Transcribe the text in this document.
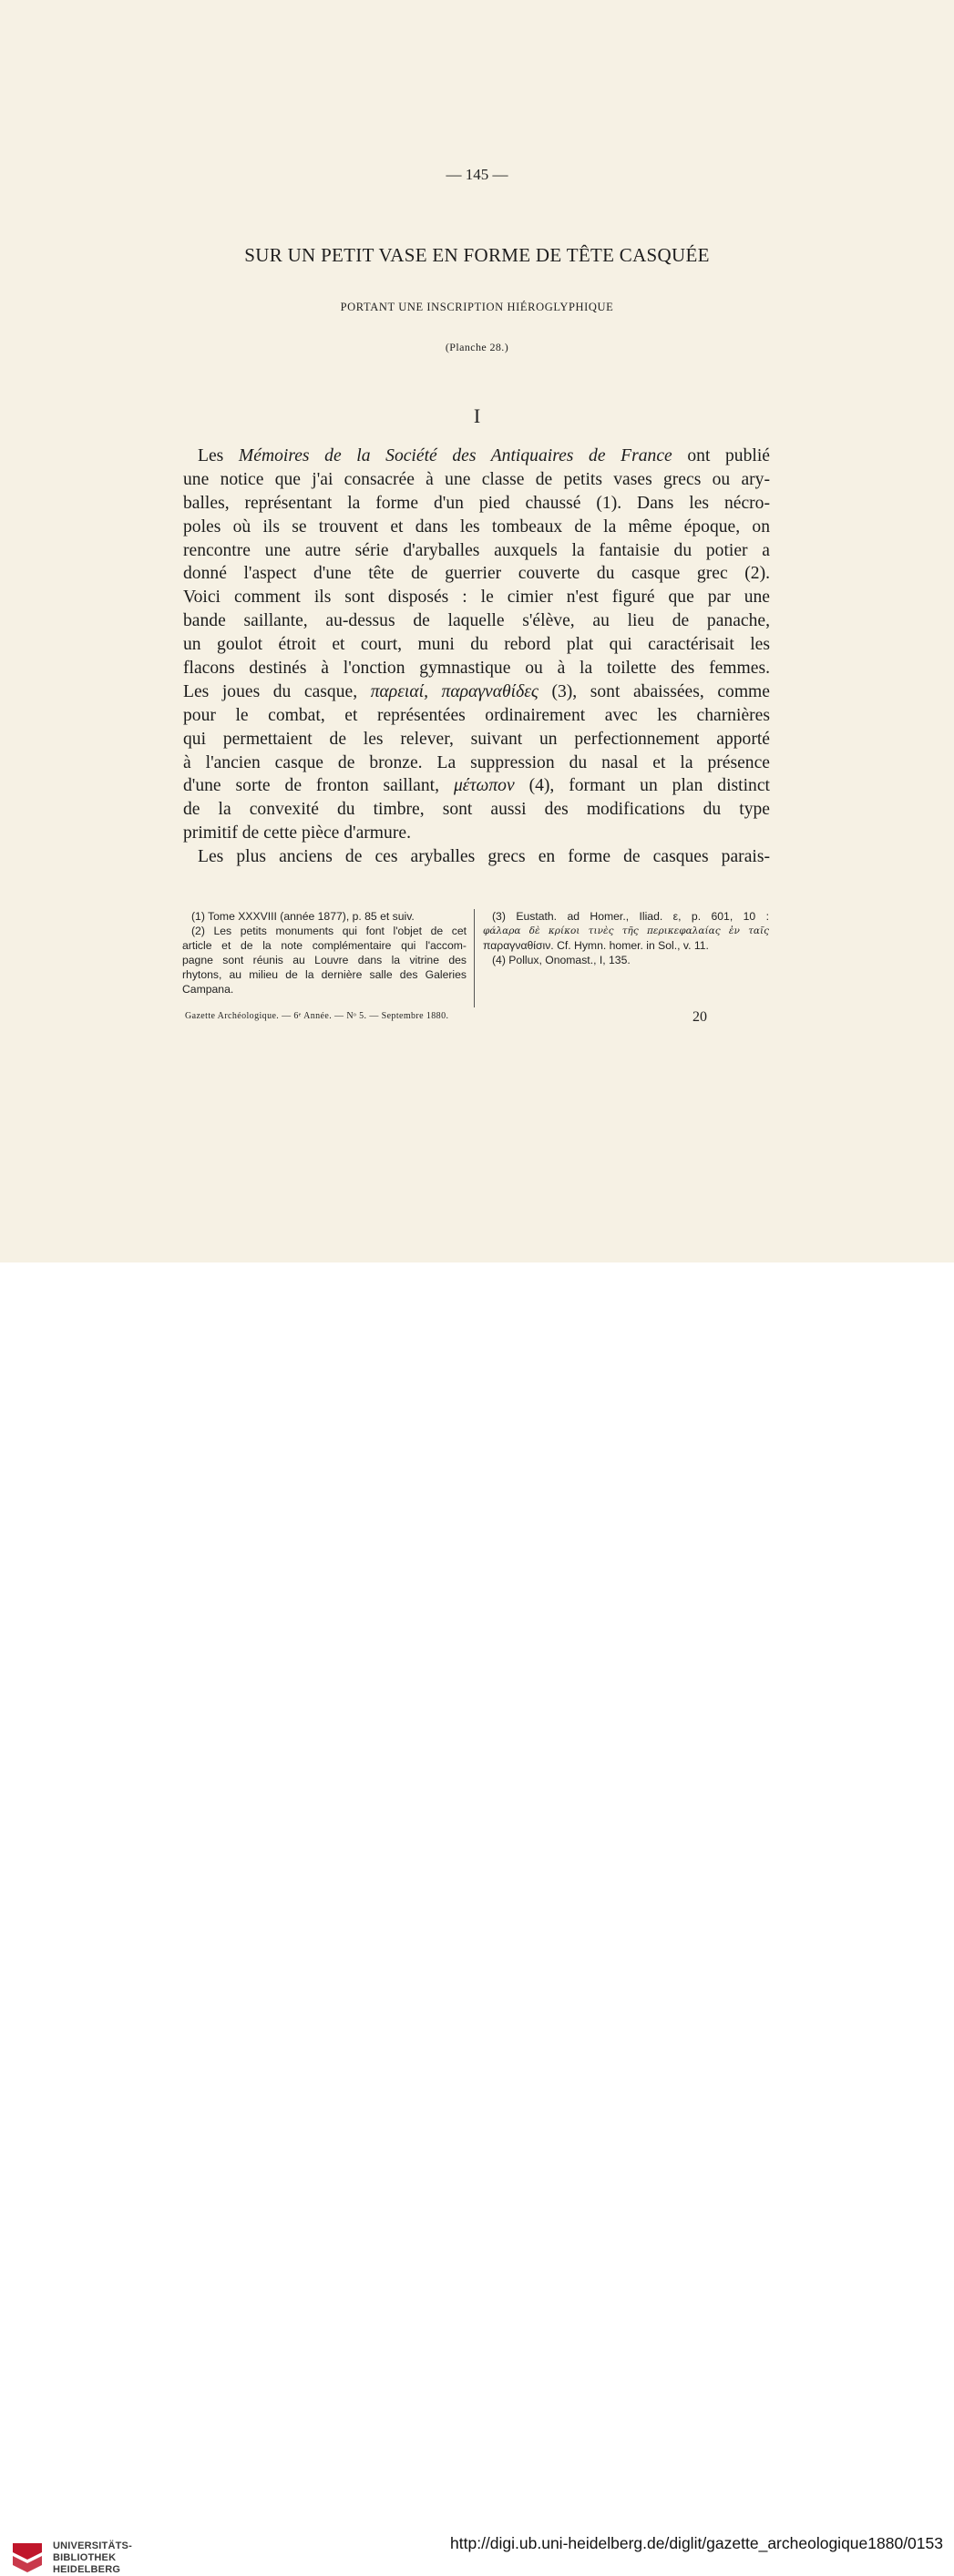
— 145 —
SUR UN PETIT VASE EN FORME DE TÊTE CASQUÉE
PORTANT UNE INSCRIPTION HIÉROGLYPHIQUE
(Planche 28.)
I
Les Mémoires de la Société des Antiquaires de France ont publié
une notice que j'ai consacrée à une classe de petits vases grecs ou ary-
balles, représentant la forme d'un pied chaussé (1). Dans les nécro-
poles où ils se trouvent et dans les tombeaux de la même époque, on
rencontre une autre série d'aryballes auxquels la fantaisie du potier a
donné l'aspect d'une tête de guerrier couverte du casque grec (2).
Voici comment ils sont disposés : le cimier n'est figuré que par une
bande saillante, au-dessus de laquelle s'élève, au lieu de panache,
un goulot étroit et court, muni du rebord plat qui caractérisait les
flacons destinés à l'onction gymnastique ou à la toilette des femmes.
Les joues du casque, παρειαί, παραγναθίδες (3), sont abaissées, comme
pour le combat, et représentées ordinairement avec les charnières
qui permettaient de les relever, suivant un perfectionnement apporté
à l'ancien casque de bronze. La suppression du nasal et la présence
d'une sorte de fronton saillant, μέτωπον (4), formant un plan distinct
de la convexité du timbre, sont aussi des modifications du type
primitif de cette pièce d'armure.
Les plus anciens de ces aryballes grecs en forme de casques parais-
(1) Tome XXXVIII (année 1877), p. 85 et suiv.
(2) Les petits monuments qui font l'objet de cet
article et de la note complémentaire qui l'accom-
pagne sont réunis au Louvre dans la vitrine des
rhytons, au milieu de la dernière salle des Galeries
Campana.
(3) Eustath. ad Homer., Iliad. ε, p. 601, 10 :
φάλαρα δὲ κρίκοι τινὲς τῆς περικεφαλαίας ἐν ταῖς
παραγναθίσιν. Cf. Hymn. homer. in Sol., v. 11.
(4) Pollux, Onomast., I, 135.
Gazette Archéologique. — 6ᵉ Année. — Nᵒ 5. — Septembre 1880.	20
UNIVERSITÄTS-
BIBLIOTHEK
HEIDELBERG
http://digi.ub.uni-heidelberg.de/diglit/gazette_archeologique1880/0153
